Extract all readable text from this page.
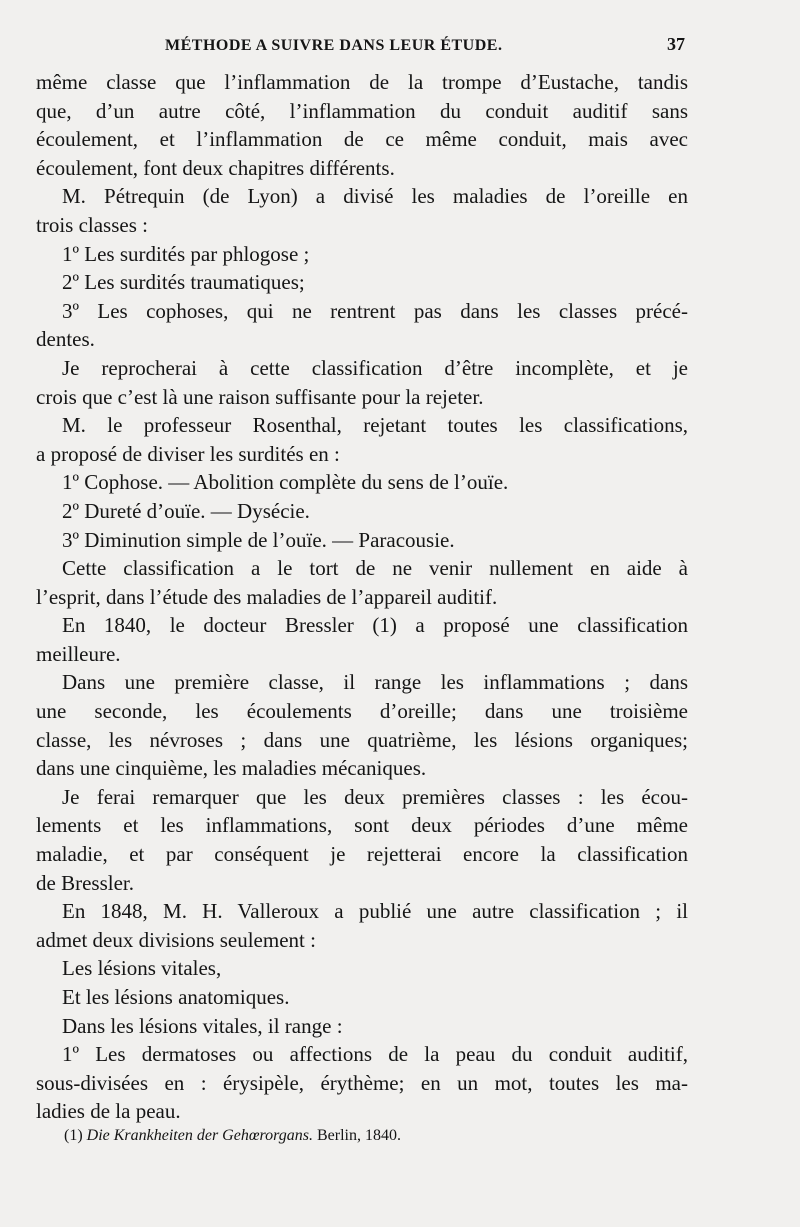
MÉTHODE A SUIVRE DANS LEUR ÉTUDE.	37
même classe que l’inflammation de la trompe d’Eustache, tandis
que, d’un autre côté, l’inflammation du conduit auditif sans
écoulement, et l’inflammation de ce même conduit, mais avec
écoulement, font deux chapitres différents.
M. Pétrequin (de Lyon) a divisé les maladies de l’oreille en
trois classes :
1º Les surdités par phlogose ;
2º Les surdités traumatiques;
3º Les cophoses, qui ne rentrent pas dans les classes précé-
dentes.
Je reprocherai à cette classification d’être incomplète, et je
crois que c’est là une raison suffisante pour la rejeter.
M. le professeur Rosenthal, rejetant toutes les classifications,
a proposé de diviser les surdités en :
1º Cophose. — Abolition complète du sens de l’ouïe.
2º Dureté d’ouïe. — Dysécie.
3º Diminution simple de l’ouïe. — Paracousie.
Cette classification a le tort de ne venir nullement en aide à
l’esprit, dans l’étude des maladies de l’appareil auditif.
En 1840, le docteur Bressler (1) a proposé une classification
meilleure.
Dans une première classe, il range les inflammations ; dans
une seconde, les écoulements d’oreille; dans une troisième
classe, les névroses ; dans une quatrième, les lésions organiques;
dans une cinquième, les maladies mécaniques.
Je ferai remarquer que les deux premières classes : les écou-
lements et les inflammations, sont deux périodes d’une même
maladie, et par conséquent je rejetterai encore la classification
de Bressler.
En 1848, M. H. Valleroux a publié une autre classification ; il
admet deux divisions seulement :
Les lésions vitales,
Et les lésions anatomiques.
Dans les lésions vitales, il range :
1º Les dermatoses ou affections de la peau du conduit auditif,
sous-divisées en : érysipèle, érythème; en un mot, toutes les ma-
ladies de la peau.
(1) Die Krankheiten der Gehœrorgans. Berlin, 1840.
